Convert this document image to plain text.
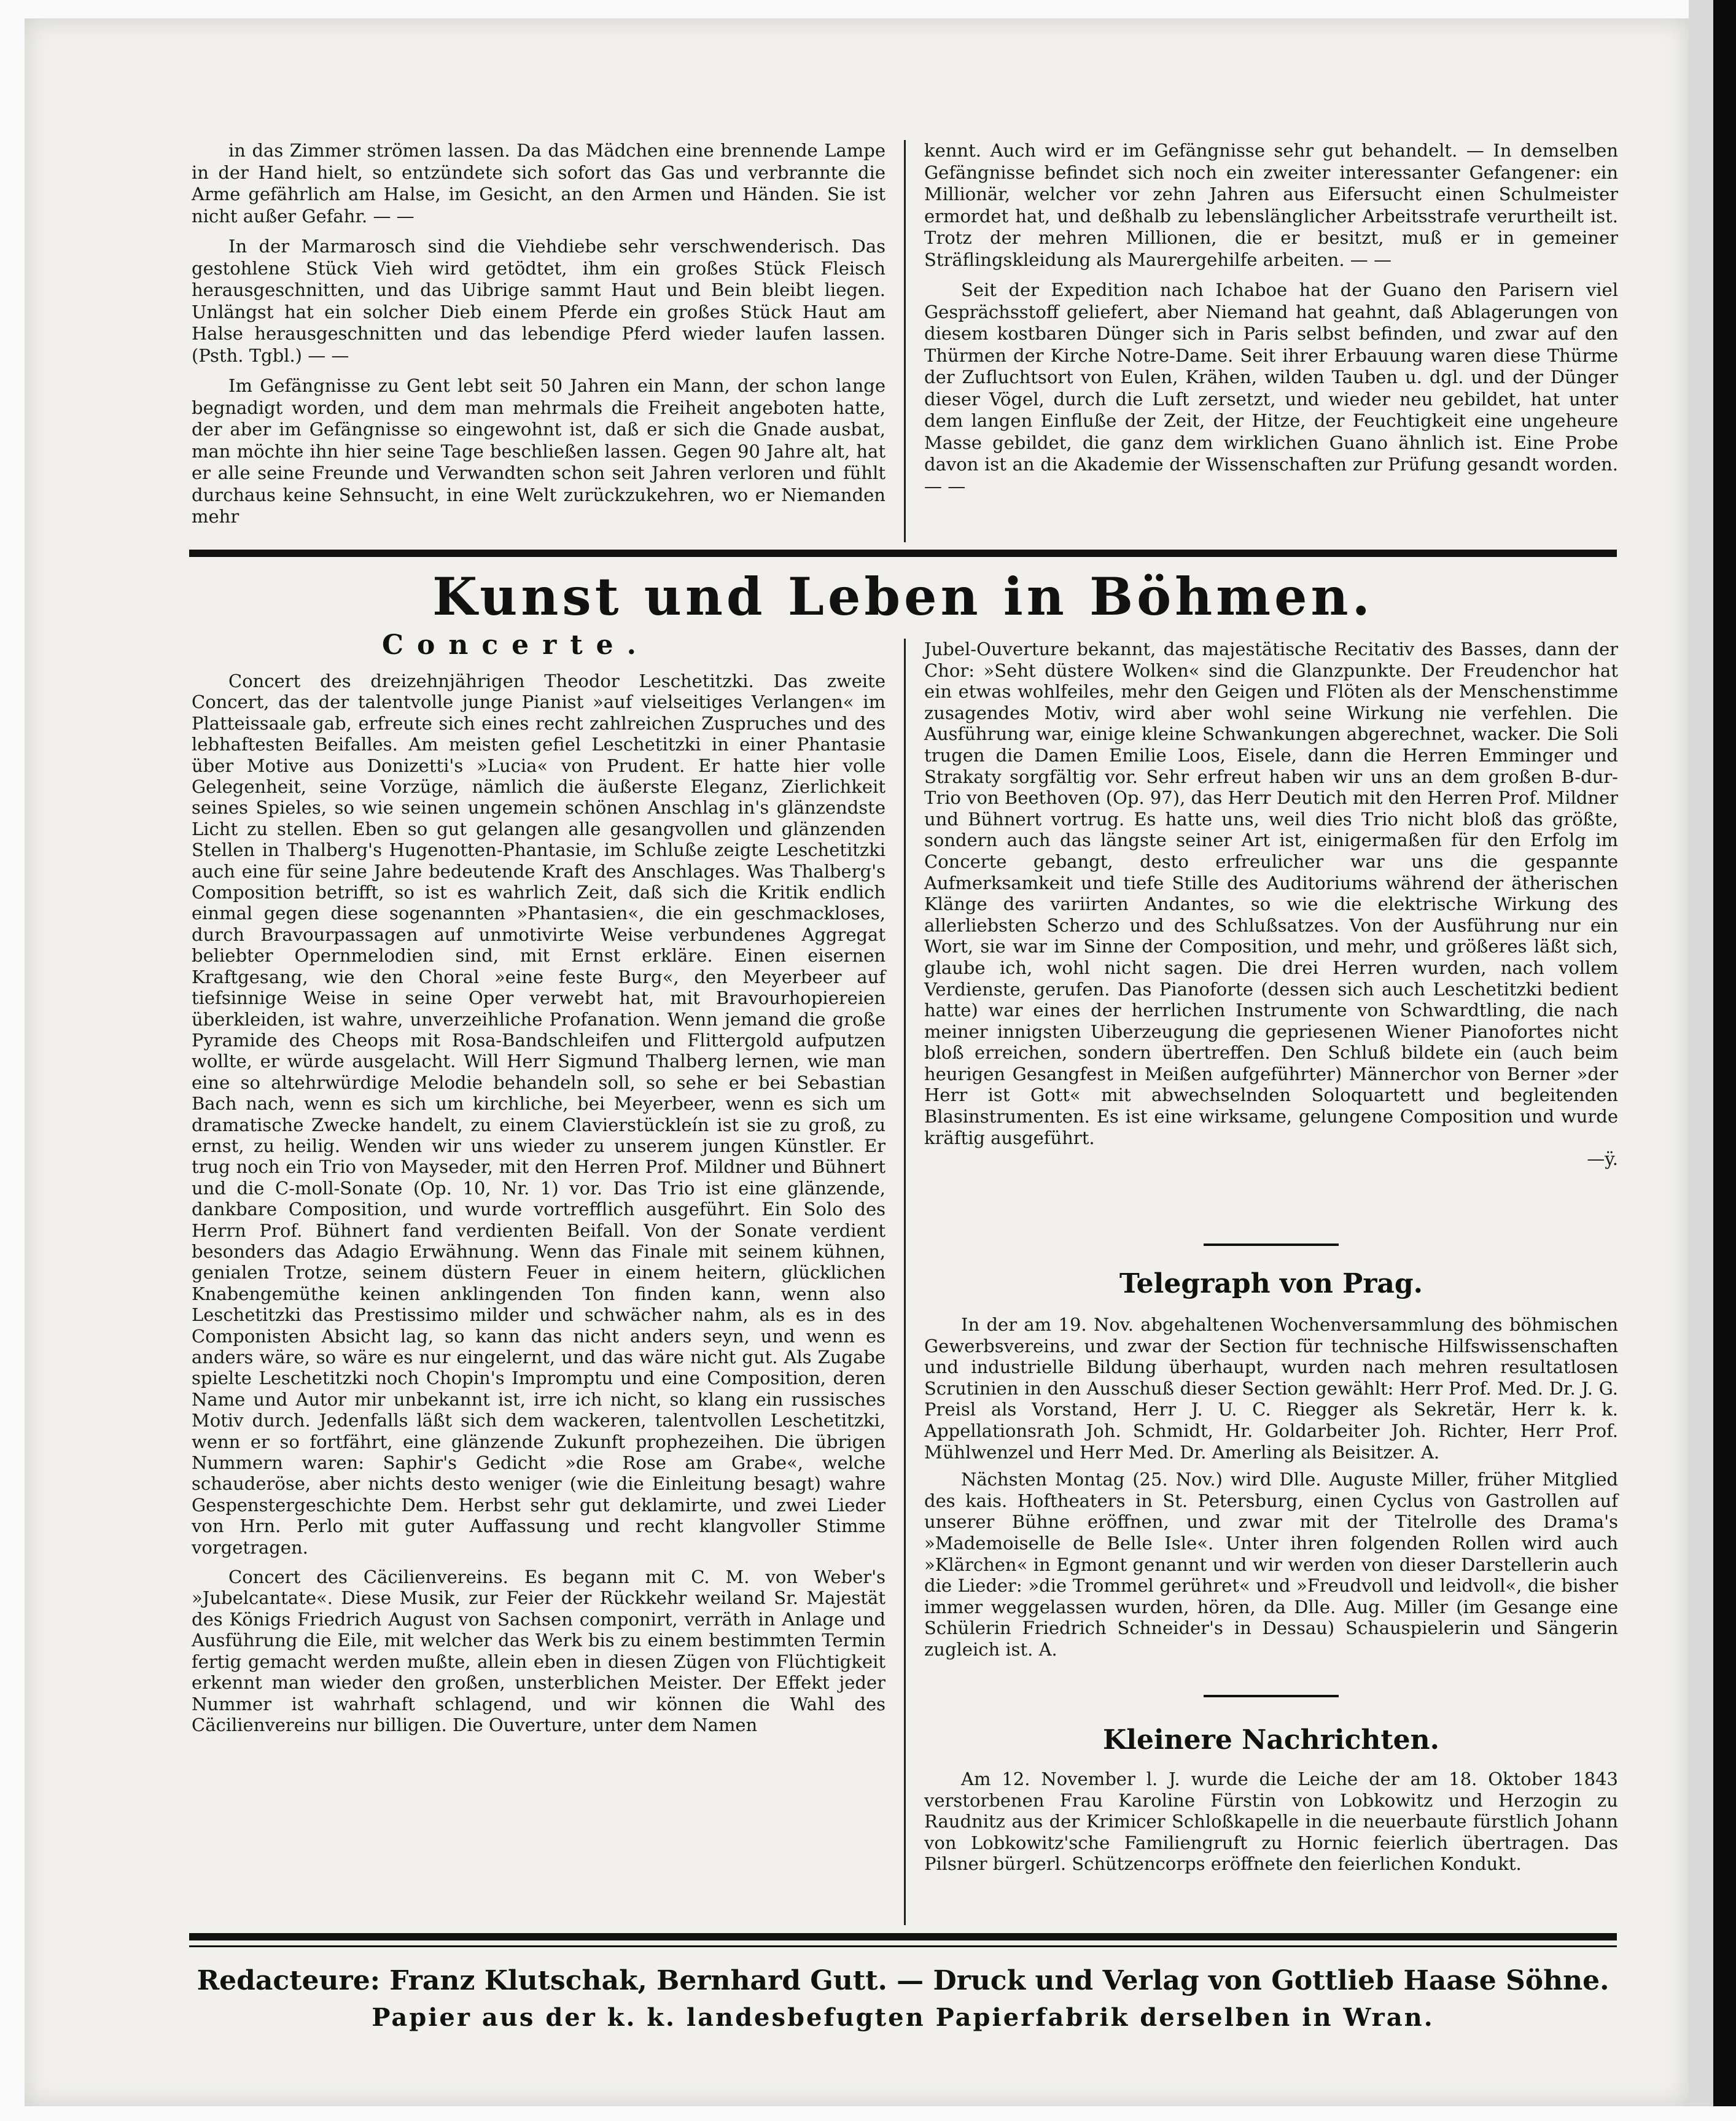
in das Zimmer strömen lassen. Da das Mädchen eine brennende Lampe in der Hand hielt, so entzündete sich sofort das Gas und verbrannte die Arme gefährlich am Halse, im Gesicht, an den Armen und Händen. Sie ist nicht außer Gefahr. — —

In der Marmarosch sind die Viehdiebe sehr verschwenderisch. Das gestohlene Stück Vieh wird getödtet, ihm ein großes Stück Fleisch herausgeschnitten, und das Uibrige sammt Haut und Bein bleibt liegen. Unlängst hat ein solcher Dieb einem Pferde ein großes Stück Haut am Halse herausgeschnitten und das lebendige Pferd wieder laufen lassen. (Psth. Tgbl.) — —

Im Gefängnisse zu Gent lebt seit 50 Jahren ein Mann, der schon lange begnadigt worden, und dem man mehrmals die Freiheit angeboten hatte, der aber im Gefängnisse so eingewohnt ist, daß er sich die Gnade ausbat, man möchte ihn hier seine Tage beschließen lassen. Gegen 90 Jahre alt, hat er alle seine Freunde und Verwandten schon seit Jahren verloren und fühlt durchaus keine Sehnsucht, in eine Welt zurückzukehren, wo er Niemanden mehr

kennt. Auch wird er im Gefängnisse sehr gut behandelt. — In demselben Gefängnisse befindet sich noch ein zweiter interessanter Gefangener: ein Millionär, welcher vor zehn Jahren aus Eifersucht einen Schulmeister ermordet hat, und deßhalb zu lebenslänglicher Arbeitsstrafe verurtheilt ist. Trotz der mehren Millionen, die er besitzt, muß er in gemeiner Sträflingskleidung als Maurergehilfe arbeiten. — —

Seit der Expedition nach Ichaboe hat der Guano den Parisern viel Gesprächsstoff geliefert, aber Niemand hat geahnt, daß Ablagerungen von diesem kostbaren Dünger sich in Paris selbst befinden, und zwar auf den Thürmen der Kirche Notre-Dame. Seit ihrer Erbauung waren diese Thürme der Zufluchtsort von Eulen, Krähen, wilden Tauben u. dgl. und der Dünger dieser Vögel, durch die Luft zersetzt, und wieder neu gebildet, hat unter dem langen Einfluße der Zeit, der Hitze, der Feuchtigkeit eine ungeheure Masse gebildet, die ganz dem wirklichen Guano ähnlich ist. Eine Probe davon ist an die Akademie der Wissenschaften zur Prüfung gesandt worden. — —

Kunst und Leben in Böhmen.
Concerte.

Concert des dreizehnjährigen Theodor Leschetitzki. Das zweite Concert, das der talentvolle junge Pianist »auf vielseitiges Verlangen« im Platteissaale gab, erfreute sich eines recht zahlreichen Zuspruches und des lebhaftesten Beifalles. Am meisten gefiel Leschetitzki in einer Phantasie über Motive aus Donizetti's »Lucia« von Prudent. Er hatte hier volle Gelegenheit, seine Vorzüge, nämlich die äußerste Eleganz, Zierlichkeit seines Spieles, so wie seinen ungemein schönen Anschlag in's glänzendste Licht zu stellen. Eben so gut gelangen alle gesangvollen und glänzenden Stellen in Thalberg's Hugenotten-Phantasie, im Schluße zeigte Leschetitzki auch eine für seine Jahre bedeutende Kraft des Anschlages. Was Thalberg's Composition betrifft, so ist es wahrlich Zeit, daß sich die Kritik endlich einmal gegen diese sogenannten »Phantasien«, die ein geschmackloses, durch Bravourpassagen auf unmotivirte Weise verbundenes Aggregat beliebter Opernmelodien sind, mit Ernst erkläre. Einen eisernen Kraftgesang, wie den Choral »eine feste Burg«, den Meyerbeer auf tiefsinnige Weise in seine Oper verwebt hat, mit Bravourhopiereien überkleiden, ist wahre, unverzeihliche Profanation. Wenn jemand die große Pyramide des Cheops mit Rosa-Bandschleifen und Flittergold aufputzen wollte, er würde ausgelacht. Will Herr Sigmund Thalberg lernen, wie man eine so altehrwürdige Melodie behandeln soll, so sehe er bei Sebastian Bach nach, wenn es sich um kirchliche, bei Meyerbeer, wenn es sich um dramatische Zwecke handelt, zu einem Clavierstückleín ist sie zu groß, zu ernst, zu heilig. Wenden wir uns wieder zu unserem jungen Künstler. Er trug noch ein Trio von Mayseder, mit den Herren Prof. Mildner und Bühnert und die C-moll-Sonate (Op. 10, Nr. 1) vor. Das Trio ist eine glänzende, dankbare Composition, und wurde vortrefflich ausgeführt. Ein Solo des Herrn Prof. Bühnert fand verdienten Beifall. Von der Sonate verdient besonders das Adagio Erwähnung. Wenn das Finale mit seinem kühnen, genialen Trotze, seinem düstern Feuer in einem heitern, glücklichen Knabengemüthe keinen anklingenden Ton finden kann, wenn also Leschetitzki das Prestissimo milder und schwächer nahm, als es in des Componisten Absicht lag, so kann das nicht anders seyn, und wenn es anders wäre, so wäre es nur eingelernt, und das wäre nicht gut. Als Zugabe spielte Leschetitzki noch Chopin's Impromptu und eine Composition, deren Name und Autor mir unbekannt ist, irre ich nicht, so klang ein russisches Motiv durch. Jedenfalls läßt sich dem wackeren, talentvollen Leschetitzki, wenn er so fortfährt, eine glänzende Zukunft prophezeihen. Die übrigen Nummern waren: Saphir's Gedicht »die Rose am Grabe«, welche schauderöse, aber nichts desto weniger (wie die Einleitung besagt) wahre Gespenstergeschichte Dem. Herbst sehr gut deklamirte, und zwei Lieder von Hrn. Perlo mit guter Auffassung und recht klangvoller Stimme vorgetragen.

Concert des Cäcilienvereins. Es begann mit C. M. von Weber's »Jubelcantate«. Diese Musik, zur Feier der Rückkehr weiland Sr. Majestät des Königs Friedrich August von Sachsen componirt, verräth in Anlage und Ausführung die Eile, mit welcher das Werk bis zu einem bestimmten Termin fertig gemacht werden mußte, allein eben in diesen Zügen von Flüchtigkeit erkennt man wieder den großen, unsterblichen Meister. Der Effekt jeder Nummer ist wahrhaft schlagend, und wir können die Wahl des Cäcilienvereins nur billigen. Die Ouverture, unter dem Namen

Jubel-Ouverture bekannt, das majestätische Recitativ des Basses, dann der Chor: »Seht düstere Wolken« sind die Glanzpunkte. Der Freudenchor hat ein etwas wohlfeiles, mehr den Geigen und Flöten als der Menschenstimme zusagendes Motiv, wird aber wohl seine Wirkung nie verfehlen. Die Ausführung war, einige kleine Schwankungen abgerechnet, wacker. Die Soli trugen die Damen Emilie Loos, Eisele, dann die Herren Emminger und Strakaty sorgfältig vor. Sehr erfreut haben wir uns an dem großen B-dur-Trio von Beethoven (Op. 97), das Herr Deutich mit den Herren Prof. Mildner und Bühnert vortrug. Es hatte uns, weil dies Trio nicht bloß das größte, sondern auch das längste seiner Art ist, einigermaßen für den Erfolg im Concerte gebangt, desto erfreulicher war uns die gespannte Aufmerksamkeit und tiefe Stille des Auditoriums während der ätherischen Klänge des variirten Andantes, so wie die elektrische Wirkung des allerliebsten Scherzo und des Schlußsatzes. Von der Ausführung nur ein Wort, sie war im Sinne der Composition, und mehr, und größeres läßt sich, glaube ich, wohl nicht sagen. Die drei Herren wurden, nach vollem Verdienste, gerufen. Das Pianoforte (dessen sich auch Leschetitzki bedient hatte) war eines der herrlichen Instrumente von Schwardtling, die nach meiner innigsten Uiberzeugung die gepriesenen Wiener Pianofortes nicht bloß erreichen, sondern übertreffen. Den Schluß bildete ein (auch beim heurigen Gesangfest in Meißen aufgeführter) Männerchor von Berner »der Herr ist Gott« mit abwechselnden Soloquartett und begleitenden Blasinstrumenten. Es ist eine wirksame, gelungene Composition und wurde kräftig ausgeführt.

—ÿ.
Telegraph von Prag.

In der am 19. Nov. abgehaltenen Wochenversammlung des böhmischen Gewerbsvereins, und zwar der Section für technische Hilfswissenschaften und industrielle Bildung überhaupt, wurden nach mehren resultatlosen Scrutinien in den Ausschuß dieser Section gewählt: Herr Prof. Med. Dr. J. G. Preisl als Vorstand, Herr J. U. C. Riegger als Sekretär, Herr k. k. Appellationsrath Joh. Schmidt, Hr. Goldarbeiter Joh. Richter, Herr Prof. Mühlwenzel und Herr Med. Dr. Amerling als Beisitzer. A.

Nächsten Montag (25. Nov.) wird Dlle. Auguste Miller, früher Mitglied des kais. Hoftheaters in St. Petersburg, einen Cyclus von Gastrollen auf unserer Bühne eröffnen, und zwar mit der Titelrolle des Drama's »Mademoiselle de Belle Isle«. Unter ihren folgenden Rollen wird auch »Klärchen« in Egmont genannt und wir werden von dieser Darstellerin auch die Lieder: »die Trommel gerühret« und »Freudvoll und leidvoll«, die bisher immer weggelassen wurden, hören, da Dlle. Aug. Miller (im Gesange eine Schülerin Friedrich Schneider's in Dessau) Schauspielerin und Sängerin zugleich ist. A.

Kleinere Nachrichten.

Am 12. November l. J. wurde die Leiche der am 18. Oktober 1843 verstorbenen Frau Karoline Fürstin von Lobkowitz und Herzogin zu Raudnitz aus der Krimicer Schloßkapelle in die neuerbaute fürstlich Johann von Lobkowitz'sche Familiengruft zu Hornic feierlich übertragen. Das Pilsner bürgerl. Schützencorps eröffnete den feierlichen Kondukt.

Redacteure: Franz Klutschak, Bernhard Gutt. — Druck und Verlag von Gottlieb Haase Söhne.
Papier aus der k. k. landesbefugten Papierfabrik derselben in Wran.
